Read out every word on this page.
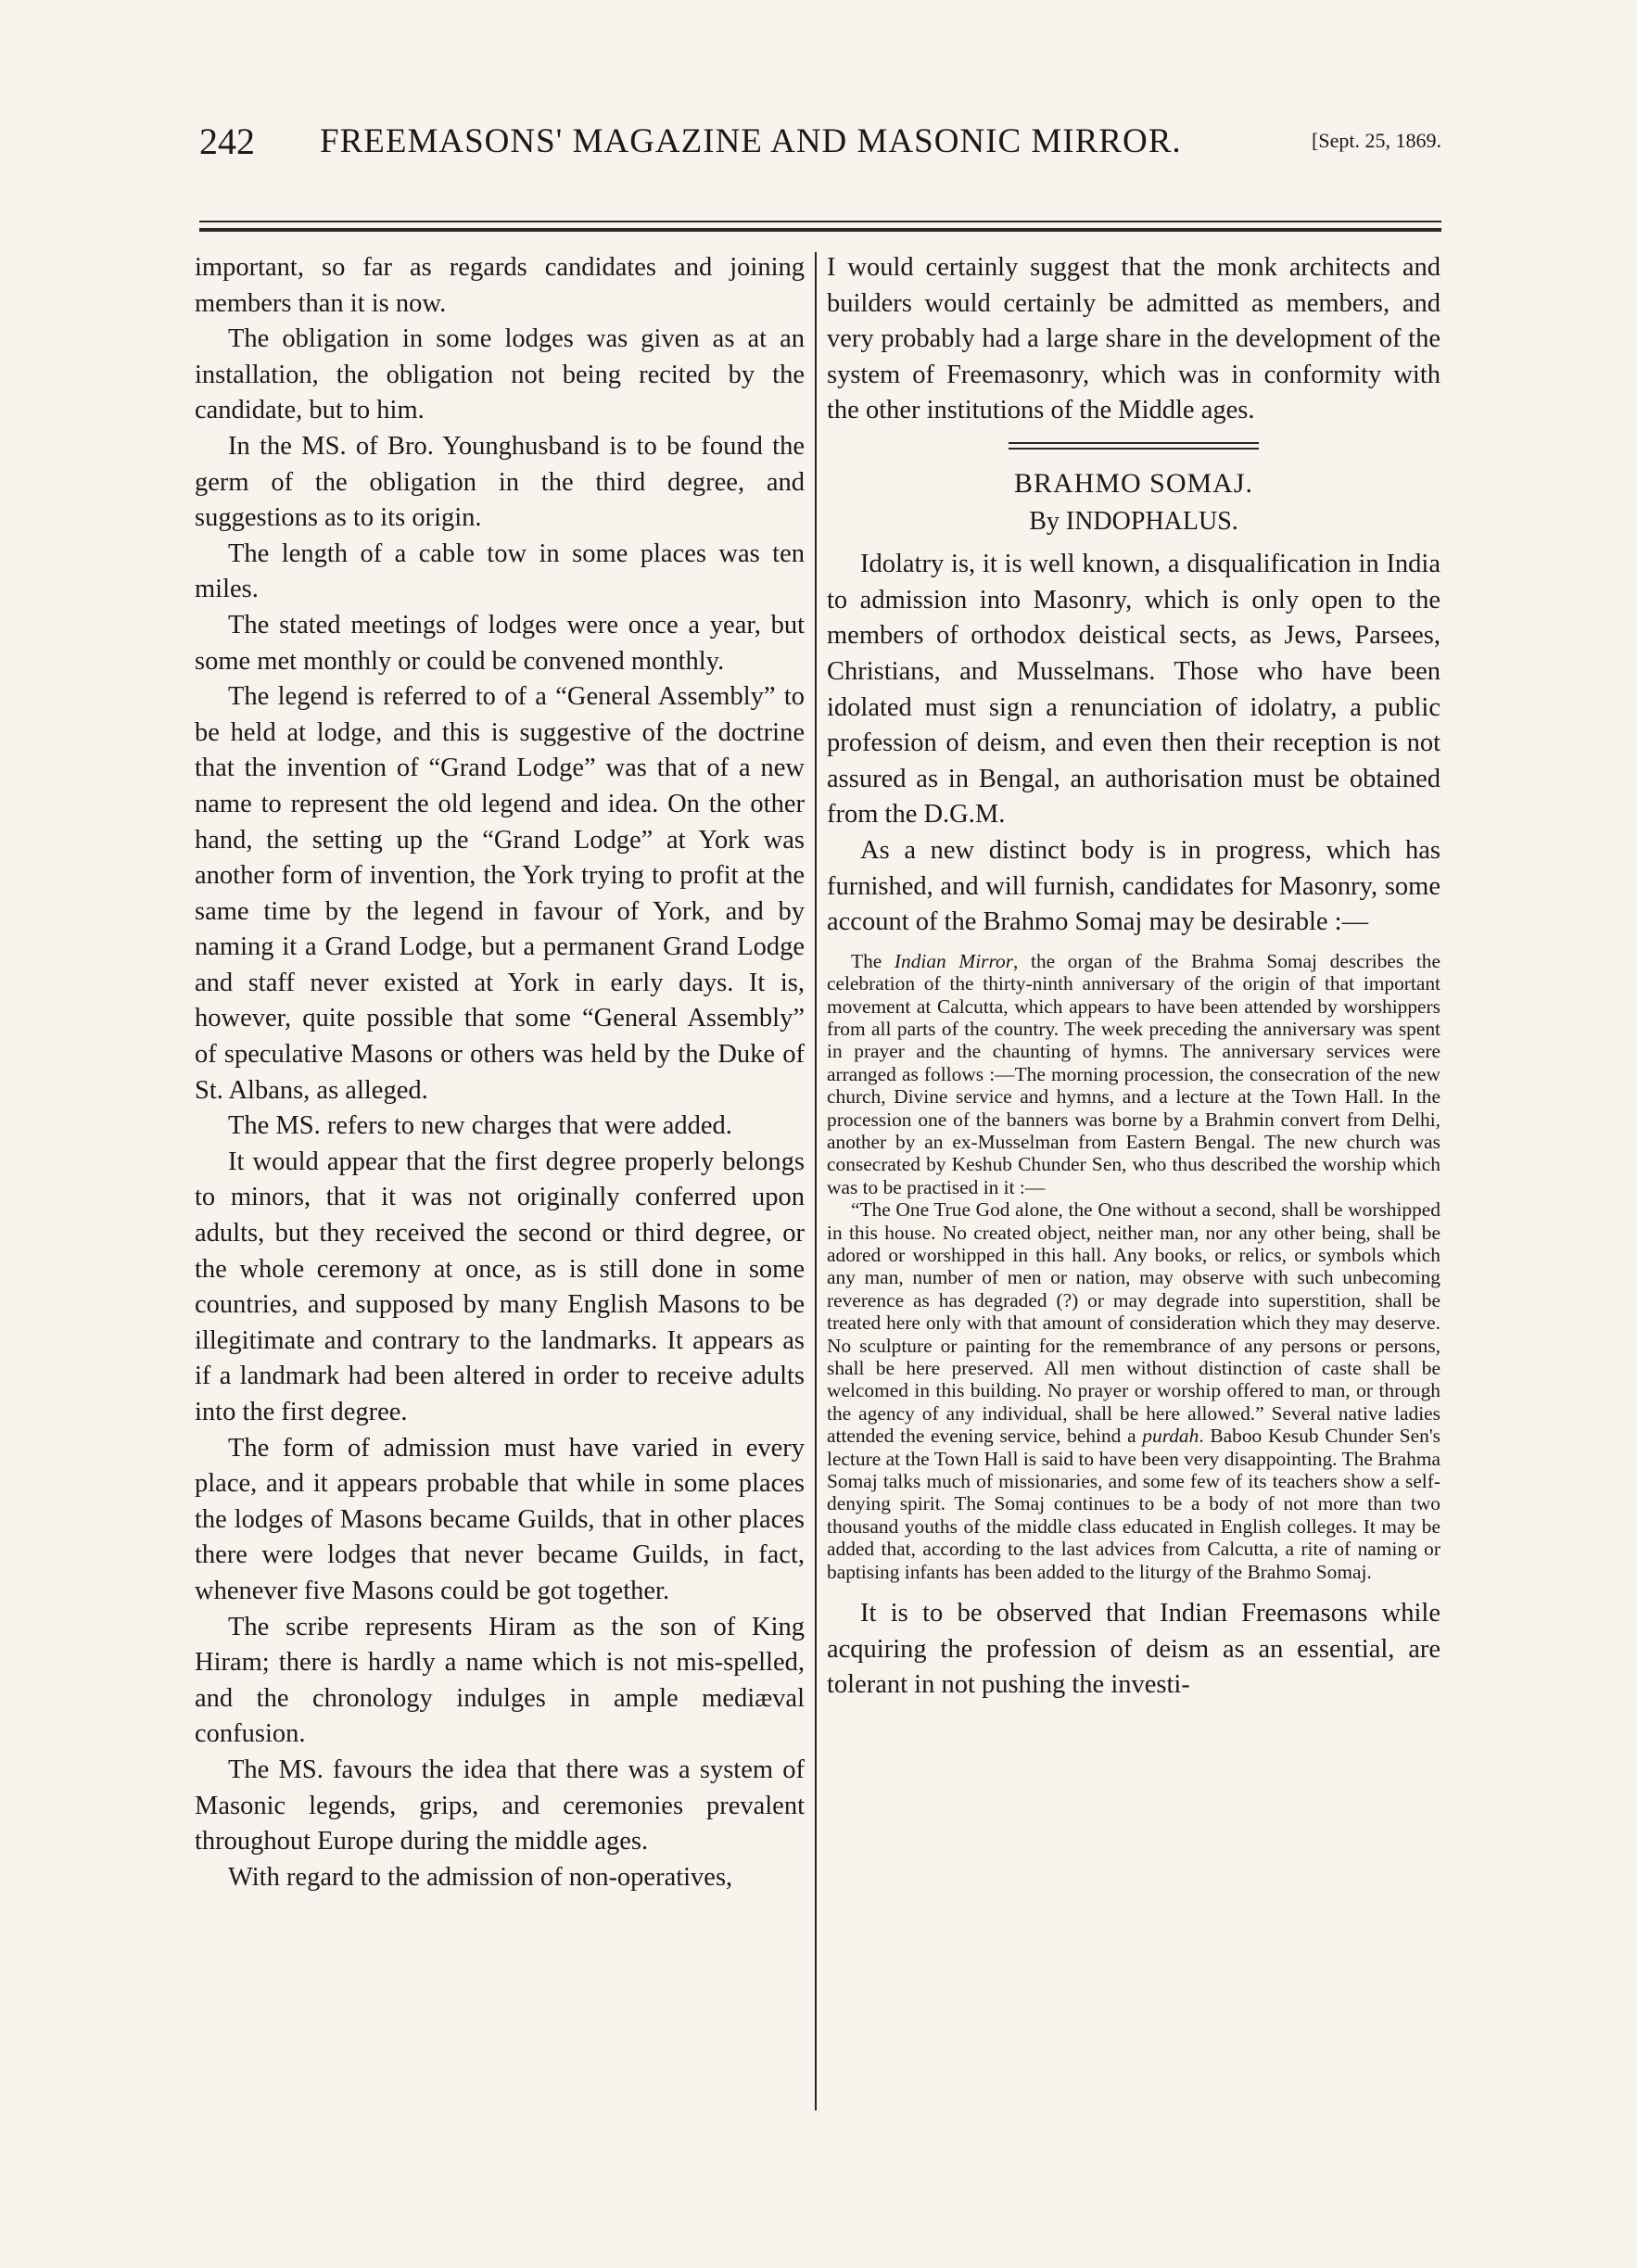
242 FREEMASONS' MAGAZINE AND MASONIC MIRROR.	[Sept. 25, 1869.

important, so far as regards candidates and joining members than it is now.

The obligation in some lodges was given as at an installation, the obligation not being recited by the candidate, but to him.

In the MS. of Bro. Younghusband is to be found the germ of the obligation in the third degree, and suggestions as to its origin.

The length of a cable tow in some places was ten miles.

The stated meetings of lodges were once a year, but some met monthly or could be convened monthly.

The legend is referred to of a “General Assembly” to be held at lodge, and this is suggestive of the doctrine that the invention of “Grand Lodge” was that of a new name to represent the old legend and idea. On the other hand, the setting up the “Grand Lodge” at York was another form of invention, the York trying to profit at the same time by the legend in favour of York, and by naming it a Grand Lodge, but a permanent Grand Lodge and staff never existed at York in early days. It is, however, quite possible that some “General Assembly” of speculative Masons or others was held by the Duke of St. Albans, as alleged.

The MS. refers to new charges that were added.

It would appear that the first degree properly belongs to minors, that it was not originally conferred upon adults, but they received the second or third degree, or the whole ceremony at once, as is still done in some countries, and supposed by many English Masons to be illegitimate and contrary to the landmarks. It appears as if a landmark had been altered in order to receive adults into the first degree.

The form of admission must have varied in every place, and it appears probable that while in some places the lodges of Masons became Guilds, that in other places there were lodges that never became Guilds, in fact, whenever five Masons could be got together.

The scribe represents Hiram as the son of King Hiram; there is hardly a name which is not mis-spelled, and the chronology indulges in ample mediæval confusion.

The MS. favours the idea that there was a system of Masonic legends, grips, and ceremonies prevalent throughout Europe during the middle ages.

With regard to the admission of non-operatives,

I would certainly suggest that the monk architects and builders would certainly be admitted as members, and very probably had a large share in the development of the system of Freemasonry, which was in conformity with the other institutions of the Middle ages.

BRAHMO SOMAJ.
By INDOPHALUS.

Idolatry is, it is well known, a disqualification in India to admission into Masonry, which is only open to the members of orthodox deistical sects, as Jews, Parsees, Christians, and Musselmans. Those who have been idolated must sign a renunciation of idolatry, a public profession of deism, and even then their reception is not assured as in Bengal, an authorisation must be obtained from the D.G.M.

As a new distinct body is in progress, which has furnished, and will furnish, candidates for Masonry, some account of the Brahmo Somaj may be desirable :—

The Indian Mirror, the organ of the Brahma Somaj describes the celebration of the thirty-ninth anniversary of the origin of that important movement at Calcutta, which appears to have been attended by worshippers from all parts of the country. The week preceding the anniversary was spent in prayer and the chaunting of hymns. The anniversary services were arranged as follows :—The morning procession, the consecration of the new church, Divine service and hymns, and a lecture at the Town Hall. In the procession one of the banners was borne by a Brahmin convert from Delhi, another by an ex-Musselman from Eastern Bengal. The new church was consecrated by Keshub Chunder Sen, who thus described the worship which was to be practised in it :—

“The One True God alone, the One without a second, shall be worshipped in this house. No created object, neither man, nor any other being, shall be adored or worshipped in this hall. Any books, or relics, or symbols which any man, number of men or nation, may observe with such unbecoming reverence as has degraded (?) or may degrade into superstition, shall be treated here only with that amount of consideration which they may deserve. No sculpture or painting for the remembrance of any persons or persons, shall be here preserved. All men without distinction of caste shall be welcomed in this building. No prayer or worship offered to man, or through the agency of any individual, shall be here allowed.” Several native ladies attended the evening service, behind a purdah. Baboo Kesub Chunder Sen's lecture at the Town Hall is said to have been very disappointing. The Brahma Somaj talks much of missionaries, and some few of its teachers show a self-denying spirit. The Somaj continues to be a body of not more than two thousand youths of the middle class educated in English colleges. It may be added that, according to the last advices from Calcutta, a rite of naming or baptising infants has been added to the liturgy of the Brahmo Somaj.

It is to be observed that Indian Freemasons while acquiring the profession of deism as an essential, are tolerant in not pushing the investi-
